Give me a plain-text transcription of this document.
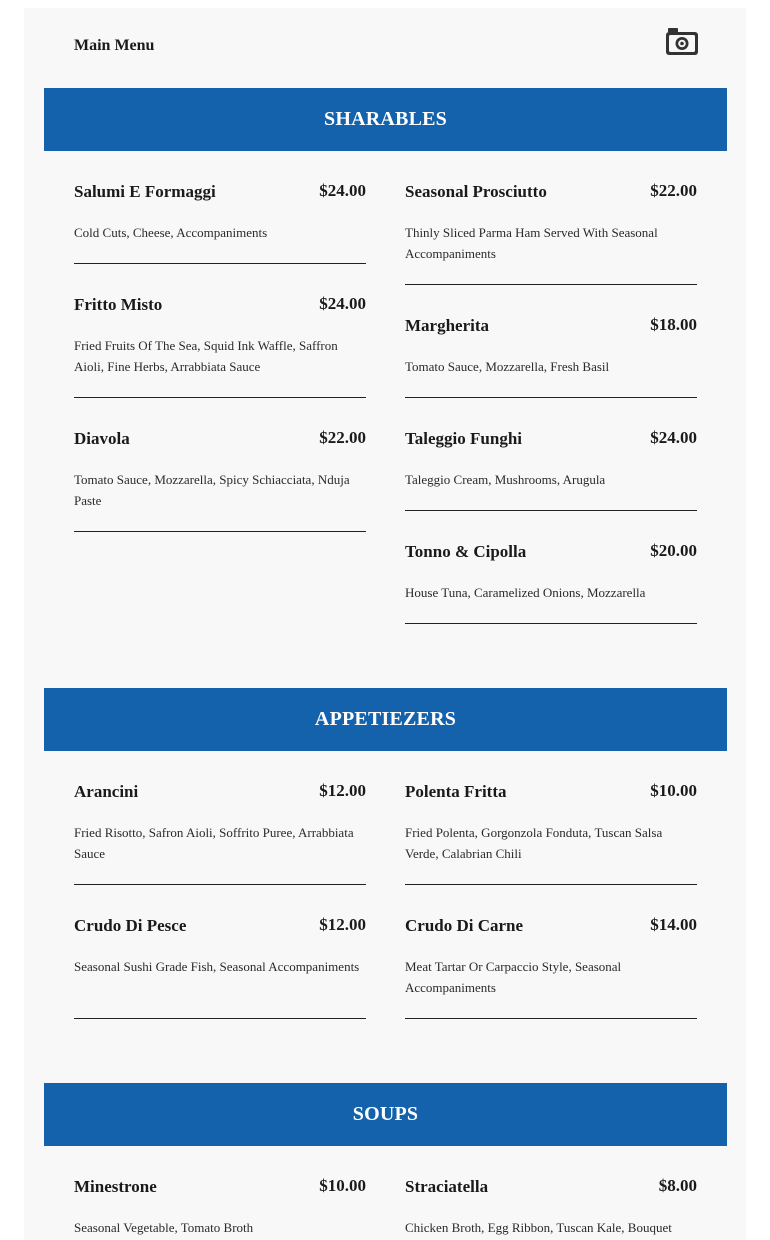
Main Menu
SHARABLES
Salumi E Formaggi	$24.00
Cold Cuts, Cheese, Accompaniments
Seasonal Prosciutto	$22.00
Thinly Sliced Parma Ham Served With Seasonal Accompaniments
Fritto Misto	$24.00
Fried Fruits Of The Sea, Squid Ink Waffle, Saffron Aioli, Fine Herbs, Arrabbiata Sauce
Margherita	$18.00
Tomato Sauce, Mozzarella, Fresh Basil
Diavola	$22.00
Tomato Sauce, Mozzarella, Spicy Schiacciata, Nduja Paste
Taleggio Funghi	$24.00
Taleggio Cream, Mushrooms, Arugula
Tonno & Cipolla	$20.00
House Tuna, Caramelized Onions, Mozzarella
APPETIEZERS
Arancini	$12.00
Fried Risotto, Safron Aioli, Soffrito Puree, Arrabbiata Sauce
Polenta Fritta	$10.00
Fried Polenta, Gorgonzola Fonduta, Tuscan Salsa Verde, Calabrian Chili
Crudo Di Pesce	$12.00
Seasonal Sushi Grade Fish, Seasonal Accompaniments
Crudo Di Carne	$14.00
Meat Tartar Or Carpaccio Style, Seasonal Accompaniments
SOUPS
Minestrone	$10.00
Seasonal Vegetable, Tomato Broth
Straciatella	$8.00
Chicken Broth, Egg Ribbon, Tuscan Kale, Bouquet
